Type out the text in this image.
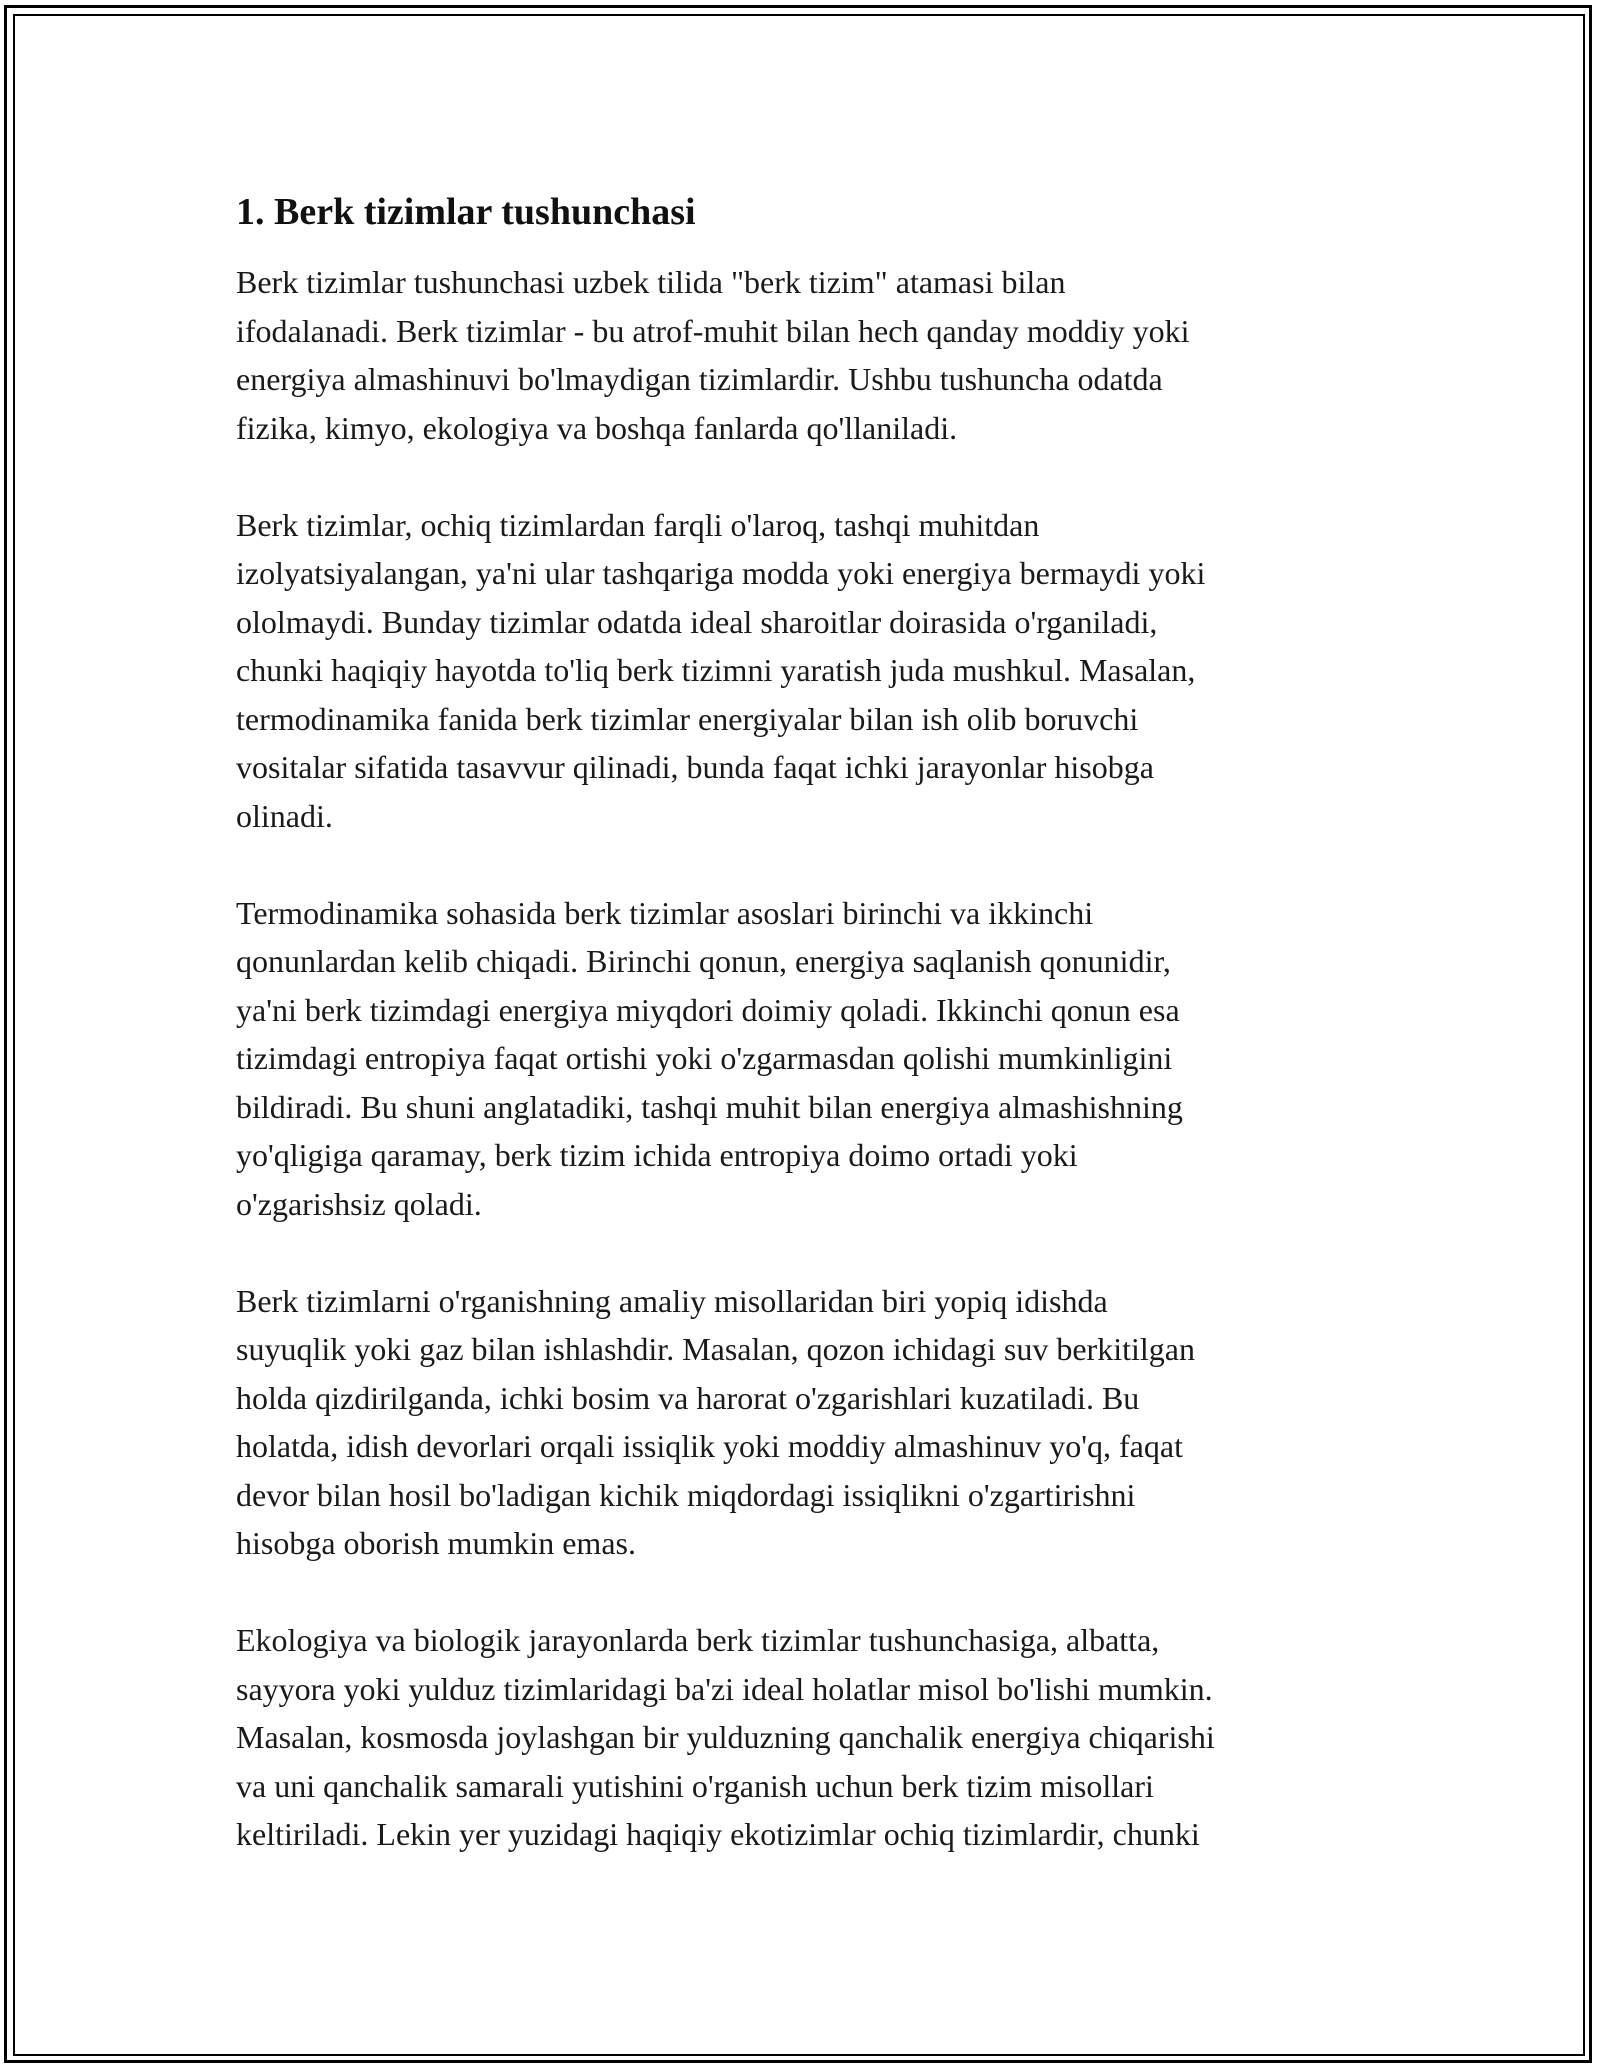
1. Berk tizimlar tushunchasi

Berk tizimlar tushunchasi uzbek tilida "berk tizim" atamasi bilan
ifodalanadi. Berk tizimlar - bu atrof-muhit bilan hech qanday moddiy yoki
energiya almashinuvi bo'lmaydigan tizimlardir. Ushbu tushuncha odatda
fizika, kimyo, ekologiya va boshqa fanlarda qo'llaniladi.

Berk tizimlar, ochiq tizimlardan farqli o'laroq, tashqi muhitdan
izolyatsiyalangan, ya'ni ular tashqariga modda yoki energiya bermaydi yoki
ololmaydi. Bunday tizimlar odatda ideal sharoitlar doirasida o'rganiladi,
chunki haqiqiy hayotda to'liq berk tizimni yaratish juda mushkul. Masalan,
termodinamika fanida berk tizimlar energiyalar bilan ish olib boruvchi
vositalar sifatida tasavvur qilinadi, bunda faqat ichki jarayonlar hisobga
olinadi.

Termodinamika sohasida berk tizimlar asoslari birinchi va ikkinchi
qonunlardan kelib chiqadi. Birinchi qonun, energiya saqlanish qonunidir,
ya'ni berk tizimdagi energiya miyqdori doimiy qoladi. Ikkinchi qonun esa
tizimdagi entropiya faqat ortishi yoki o'zgarmasdan qolishi mumkinligini
bildiradi. Bu shuni anglatadiki, tashqi muhit bilan energiya almashishning
yo'qligiga qaramay, berk tizim ichida entropiya doimo ortadi yoki
o'zgarishsiz qoladi.

Berk tizimlarni o'rganishning amaliy misollaridan biri yopiq idishda
suyuqlik yoki gaz bilan ishlashdir. Masalan, qozon ichidagi suv berkitilgan
holda qizdirilganda, ichki bosim va harorat o'zgarishlari kuzatiladi. Bu
holatda, idish devorlari orqali issiqlik yoki moddiy almashinuv yo'q, faqat
devor bilan hosil bo'ladigan kichik miqdordagi issiqlikni o'zgartirishni
hisobga oborish mumkin emas.

Ekologiya va biologik jarayonlarda berk tizimlar tushunchasiga, albatta,
sayyora yoki yulduz tizimlaridagi ba'zi ideal holatlar misol bo'lishi mumkin.
Masalan, kosmosda joylashgan bir yulduzning qanchalik energiya chiqarishi
va uni qanchalik samarali yutishini o'rganish uchun berk tizim misollari
keltiriladi. Lekin yer yuzidagi haqiqiy ekotizimlar ochiq tizimlardir, chunki
